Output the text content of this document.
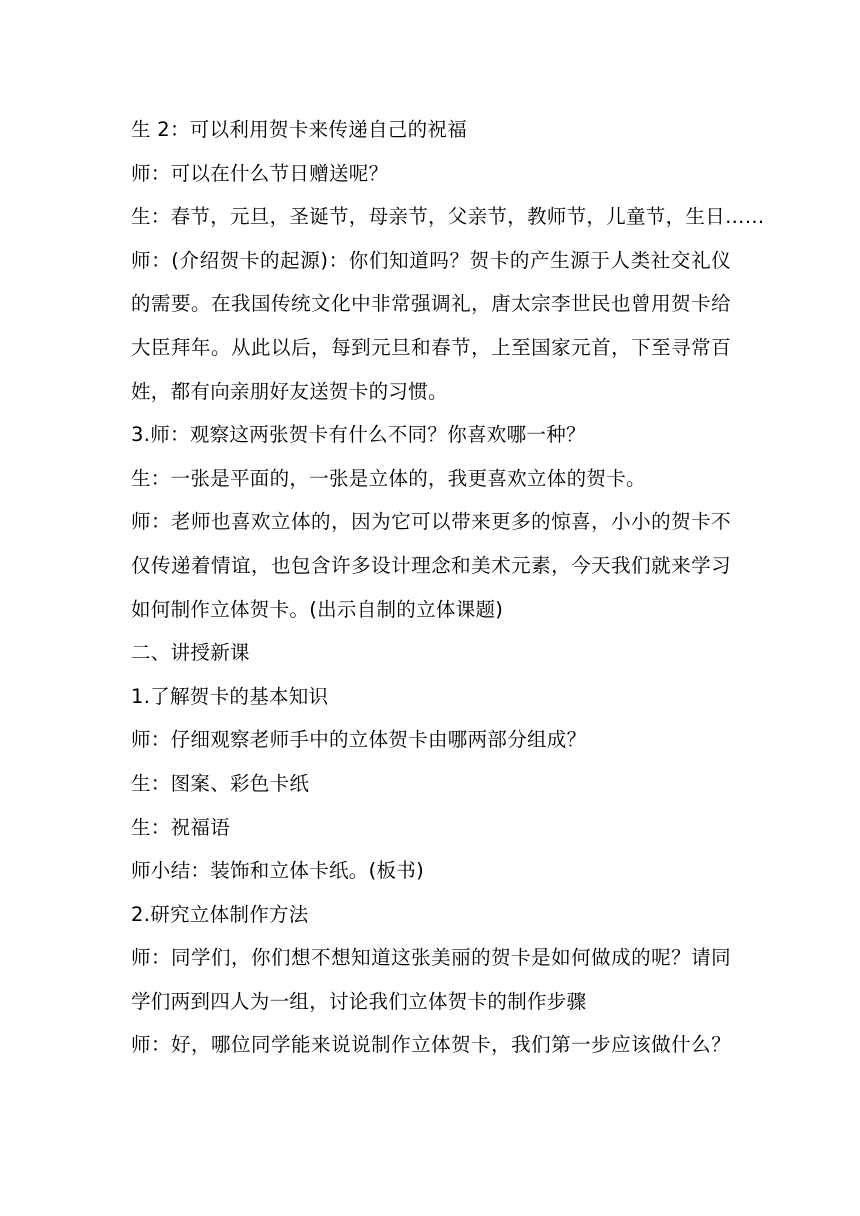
生 2：可以利用贺卡来传递自己的祝福
师：可以在什么节日赠送呢？
生：春节，元旦，圣诞节，母亲节，父亲节，教师节，儿童节，生日……
师：(介绍贺卡的起源)：你们知道吗？贺卡的产生源于人类社交礼仪
的需要。在我国传统文化中非常强调礼，唐太宗李世民也曾用贺卡给
大臣拜年。从此以后，每到元旦和春节，上至国家元首，下至寻常百
姓，都有向亲朋好友送贺卡的习惯。
3.师：观察这两张贺卡有什么不同？你喜欢哪一种？
生：一张是平面的，一张是立体的，我更喜欢立体的贺卡。
师：老师也喜欢立体的，因为它可以带来更多的惊喜，小小的贺卡不
仅传递着情谊，也包含许多设计理念和美术元素，今天我们就来学习
如何制作立体贺卡。(出示自制的立体课题)
二、讲授新课
1.了解贺卡的基本知识
师：仔细观察老师手中的立体贺卡由哪两部分组成？
生：图案、彩色卡纸
生：祝福语
师小结：装饰和立体卡纸。(板书)
2.研究立体制作方法
师：同学们，你们想不想知道这张美丽的贺卡是如何做成的呢？请同
学们两到四人为一组，讨论我们立体贺卡的制作步骤
师：好，哪位同学能来说说制作立体贺卡，我们第一步应该做什么？
